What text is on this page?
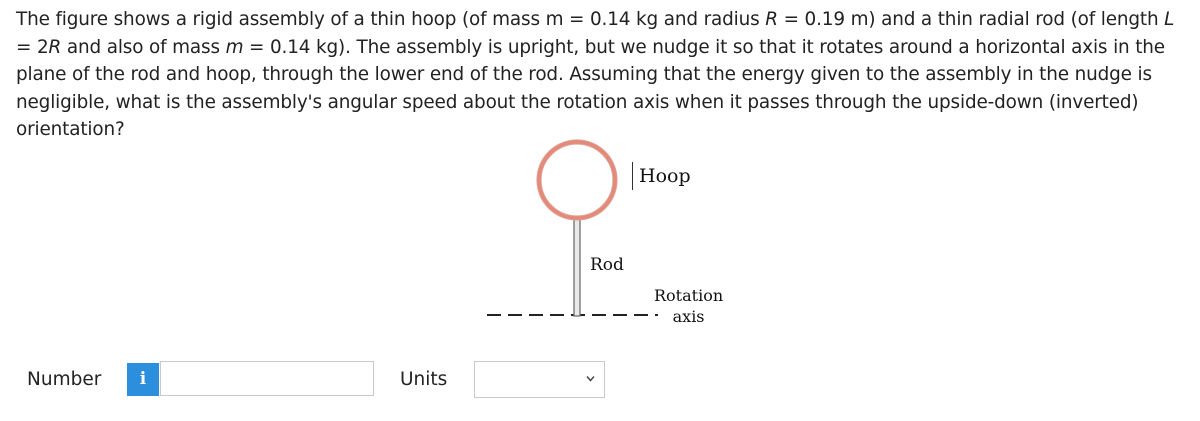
The figure shows a rigid assembly of a thin hoop (of mass m = 0.14 kg and radius R = 0.19 m) and a thin radial rod (of length L = 2R and also of mass m = 0.14 kg). The assembly is upright, but we nudge it so that it rotates around a horizontal axis in the plane of the rod and hoop, through the lower end of the rod. Assuming that the energy given to the assembly in the nudge is negligible, what is the assembly's angular speed about the rotation axis when it passes through the upside-down (inverted) orientation?

Hoop
Rod
Rotation
axis
Number	i	Units
